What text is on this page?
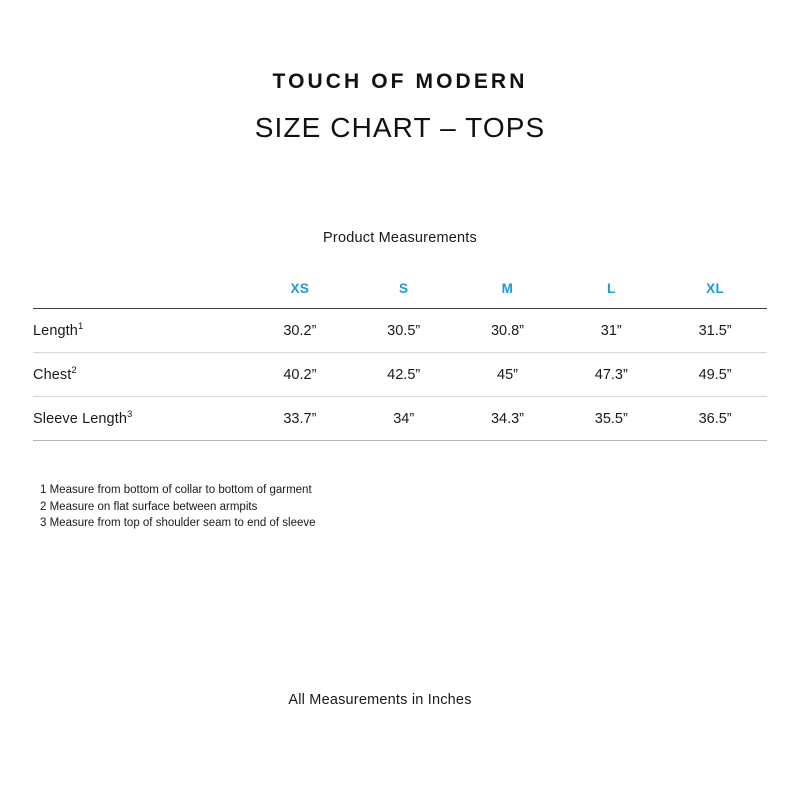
TOUCH OF MODERN
SIZE CHART – TOPS
Product Measurements
	XS	S	M	L	XL
Length$^1$	30.2”	30.5”	30.8”	31”	31.5”
Chest$^2$	40.2”	42.5”	45”	47.3”	49.5”
Sleeve Length$^3$	33.7”	34”	34.3”	35.5”	36.5”
1 Measure from bottom of collar to bottom of garment
2 Measure on flat surface between armpits
3 Measure from top of shoulder seam to end of sleeve
All Measurements in Inches
